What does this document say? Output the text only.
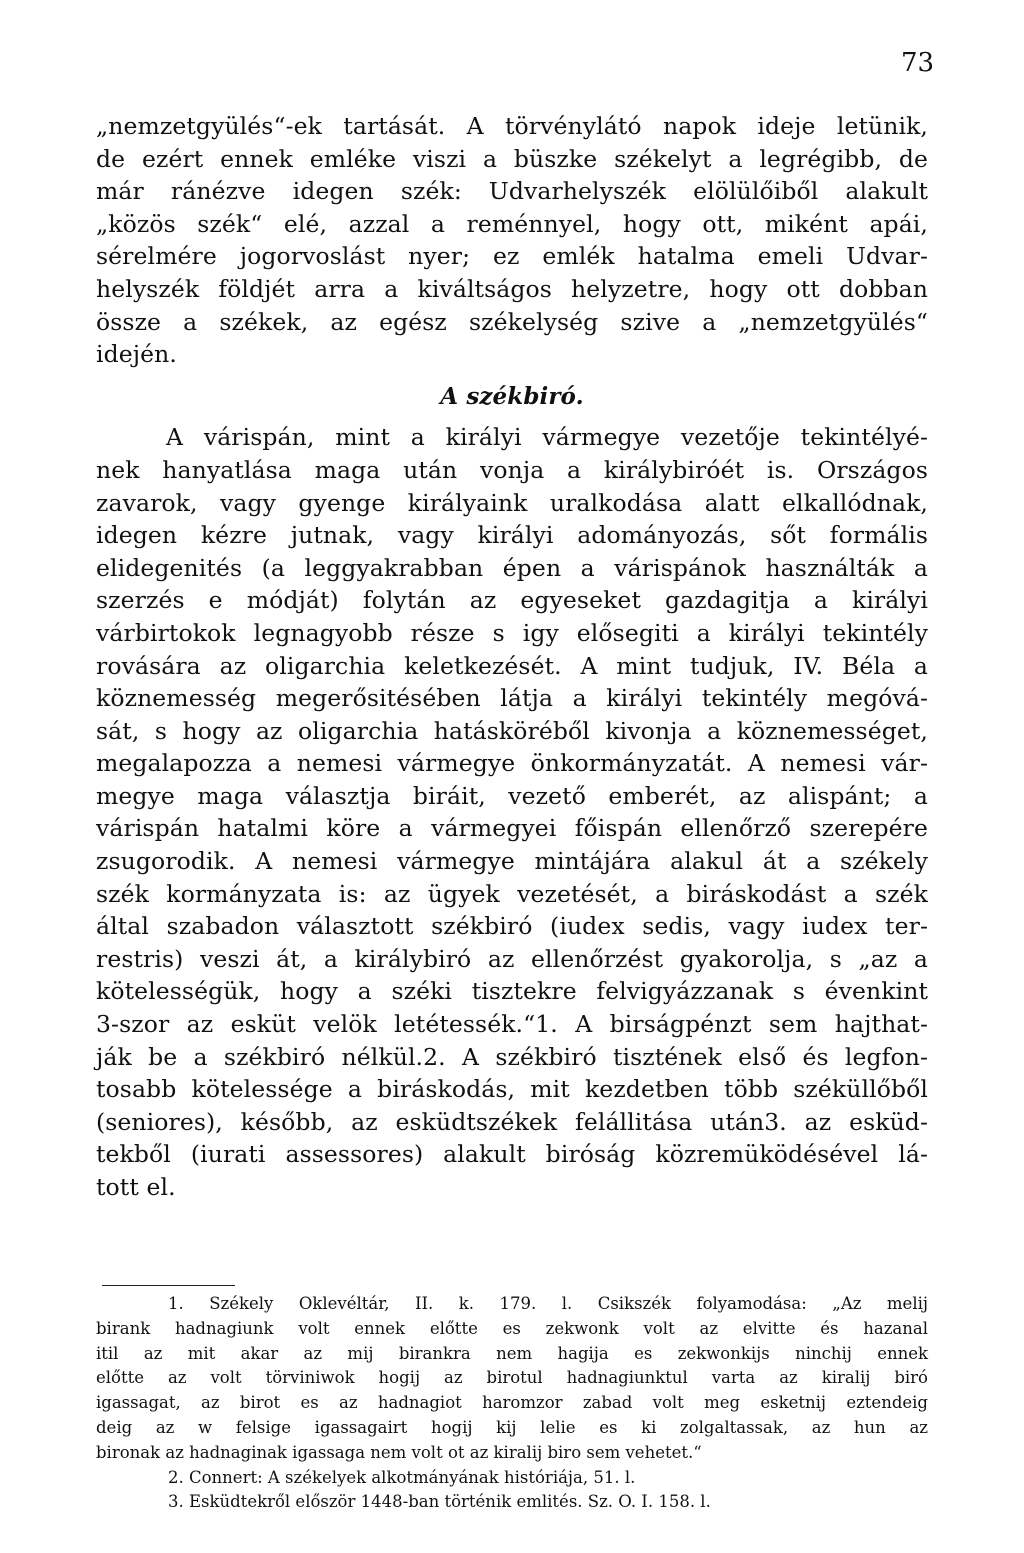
73
„nemzetgyülés“-ek tartását. A törvénylátó napok ideje letünik,
de ezért ennek emléke viszi a büszke székelyt a legrégibb, de
már ránézve idegen szék: Udvarhelyszék elölülőiből alakult
„közös szék“ elé, azzal a reménnyel, hogy ott, miként apái,
sérelmére jogorvoslást nyer; ez emlék hatalma emeli Udvar-
helyszék földjét arra a kiváltságos helyzetre, hogy ott dobban
össze a székek, az egész székelység szive a „nemzetgyülés“
idején.
A székbiró.
A várispán, mint a királyi vármegye vezetője tekintélyé-
nek hanyatlása maga után vonja a királybiróét is. Országos
zavarok, vagy gyenge királyaink uralkodása alatt elkallódnak,
idegen kézre jutnak, vagy királyi adományozás, sőt formális
elidegenités (a leggyakrabban épen a várispánok használták a
szerzés e módját) folytán az egyeseket gazdagitja a királyi
várbirtokok legnagyobb része s igy elősegiti a királyi tekintély
rovására az oligarchia keletkezését. A mint tudjuk, IV. Béla a
köznemesség megerősitésében látja a királyi tekintély megóvá-
sát, s hogy az oligarchia hatásköréből kivonja a köznemességet,
megalapozza a nemesi vármegye önkormányzatát. A nemesi vár-
megye maga választja biráit, vezető emberét, az alispánt; a
várispán hatalmi köre a vármegyei főispán ellenőrző szerepére
zsugorodik. A nemesi vármegye mintájára alakul át a székely
szék kormányzata is: az ügyek vezetését, a biráskodást a szék
által szabadon választott székbiró (iudex sedis, vagy iudex ter-
restris) veszi át, a királybiró az ellenőrzést gyakorolja, s „az a
kötelességük, hogy a széki tisztekre felvigyázzanak s évenkint
3-szor az esküt velök letétessék.“1. A birságpénzt sem hajthat-
ják be a székbiró nélkül.2. A székbiró tisztének első és legfon-
tosabb kötelessége a biráskodás, mit kezdetben több széküllőből
(seniores), később, az esküdtszékek felállitása után3. az esküd-
tekből (iurati assessores) alakult biróság közremüködésével lá-
tott el.
1. Székely Oklevéltár, II. k. 179. l. Csikszék folyamodása: „Az melij
birank hadnagiunk volt ennek előtte es zekwonk volt az elvitte és hazanal
itil az mit akar az mij birankra nem hagija es zekwonkijs ninchij ennek
előtte az volt törviniwok hogij az birotul hadnagiunktul varta az kiralij biró
igassagat, az birot es az hadnagiot haromzor zabad volt meg esketnij eztendeig
deig az w felsige igassagairt hogij kij lelie es ki zolgaltassak, az hun az
bironak az hadnaginak igassaga nem volt ot az kiralij biro sem vehetet.“
2. Connert: A székelyek alkotmányának históriája, 51. l.
3. Esküdtekről először 1448-ban történik emlités. Sz. O. I. 158. l.
